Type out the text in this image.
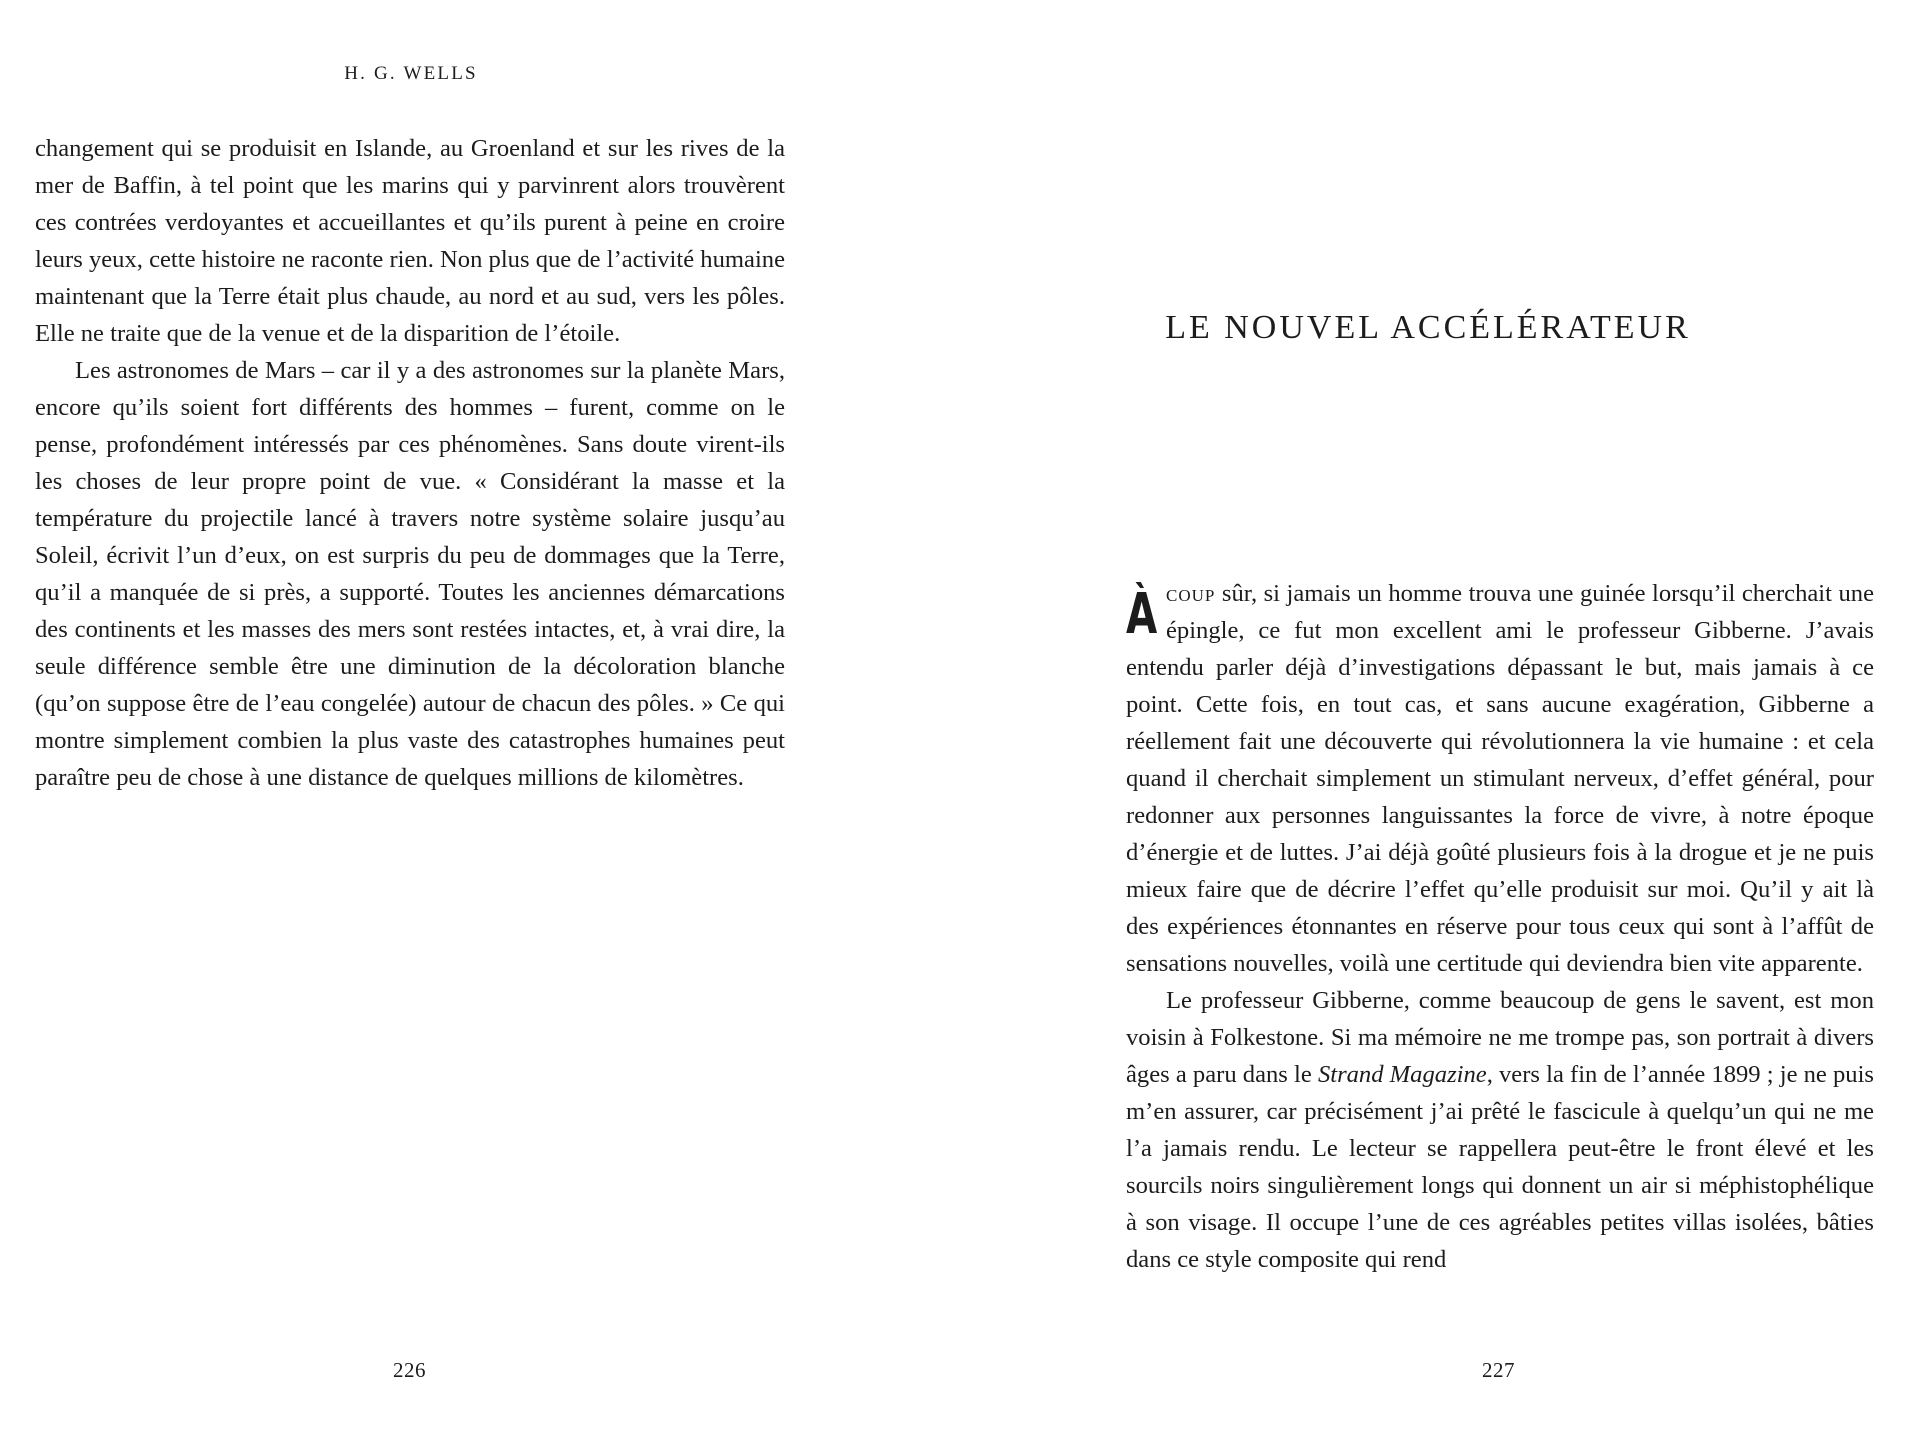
H. G. WELLS

changement qui se produisit en Islande, au Groenland et sur les rives de la mer de Baffin, à tel point que les marins qui y parvinrent alors trouvèrent ces contrées verdoyantes et accueillantes et qu’ils purent à peine en croire leurs yeux, cette histoire ne raconte rien. Non plus que de l’activité humaine maintenant que la Terre était plus chaude, au nord et au sud, vers les pôles. Elle ne traite que de la venue et de la disparition de l’étoile.

Les astronomes de Mars – car il y a des astronomes sur la planète Mars, encore qu’ils soient fort différents des hommes – furent, comme on le pense, profondément intéressés par ces phénomènes. Sans doute virent-ils les choses de leur propre point de vue. « Considérant la masse et la température du projectile lancé à travers notre système solaire jusqu’au Soleil, écrivit l’un d’eux, on est surpris du peu de dommages que la Terre, qu’il a manquée de si près, a supporté. Toutes les anciennes démarcations des continents et les masses des mers sont restées intactes, et, à vrai dire, la seule différence semble être une diminution de la décoloration blanche (qu’on suppose être de l’eau congelée) autour de chacun des pôles. » Ce qui montre simplement combien la plus vaste des catastrophes humaines peut paraître peu de chose à une distance de quelques millions de kilomètres.

226
LE NOUVEL ACCÉLÉRATEUR

Àcoup sûr, si jamais un homme trouva une guinée lorsqu’il cherchait une épingle, ce fut mon excellent ami le professeur Gibberne. J’avais entendu parler déjà d’investigations dépassant le but, mais jamais à ce point. Cette fois, en tout cas, et sans aucune exagération, Gibberne a réellement fait une découverte qui révolutionnera la vie humaine : et cela quand il cherchait simplement un stimulant nerveux, d’effet général, pour redonner aux personnes languissantes la force de vivre, à notre époque d’énergie et de luttes. J’ai déjà goûté plusieurs fois à la drogue et je ne puis mieux faire que de décrire l’effet qu’elle produisit sur moi. Qu’il y ait là des expériences étonnantes en réserve pour tous ceux qui sont à l’affût de sensations nouvelles, voilà une certitude qui deviendra bien vite apparente.

Le professeur Gibberne, comme beaucoup de gens le savent, est mon voisin à Folkestone. Si ma mémoire ne me trompe pas, son portrait à divers âges a paru dans le Strand Magazine, vers la fin de l’année 1899 ; je ne puis m’en assurer, car précisément j’ai prêté le fascicule à quelqu’un qui ne me l’a jamais rendu. Le lecteur se rappellera peut-être le front élevé et les sourcils noirs singulièrement longs qui donnent un air si méphistophélique à son visage. Il occupe l’une de ces agréables petites villas isolées, bâties dans ce style composite qui rend

227
